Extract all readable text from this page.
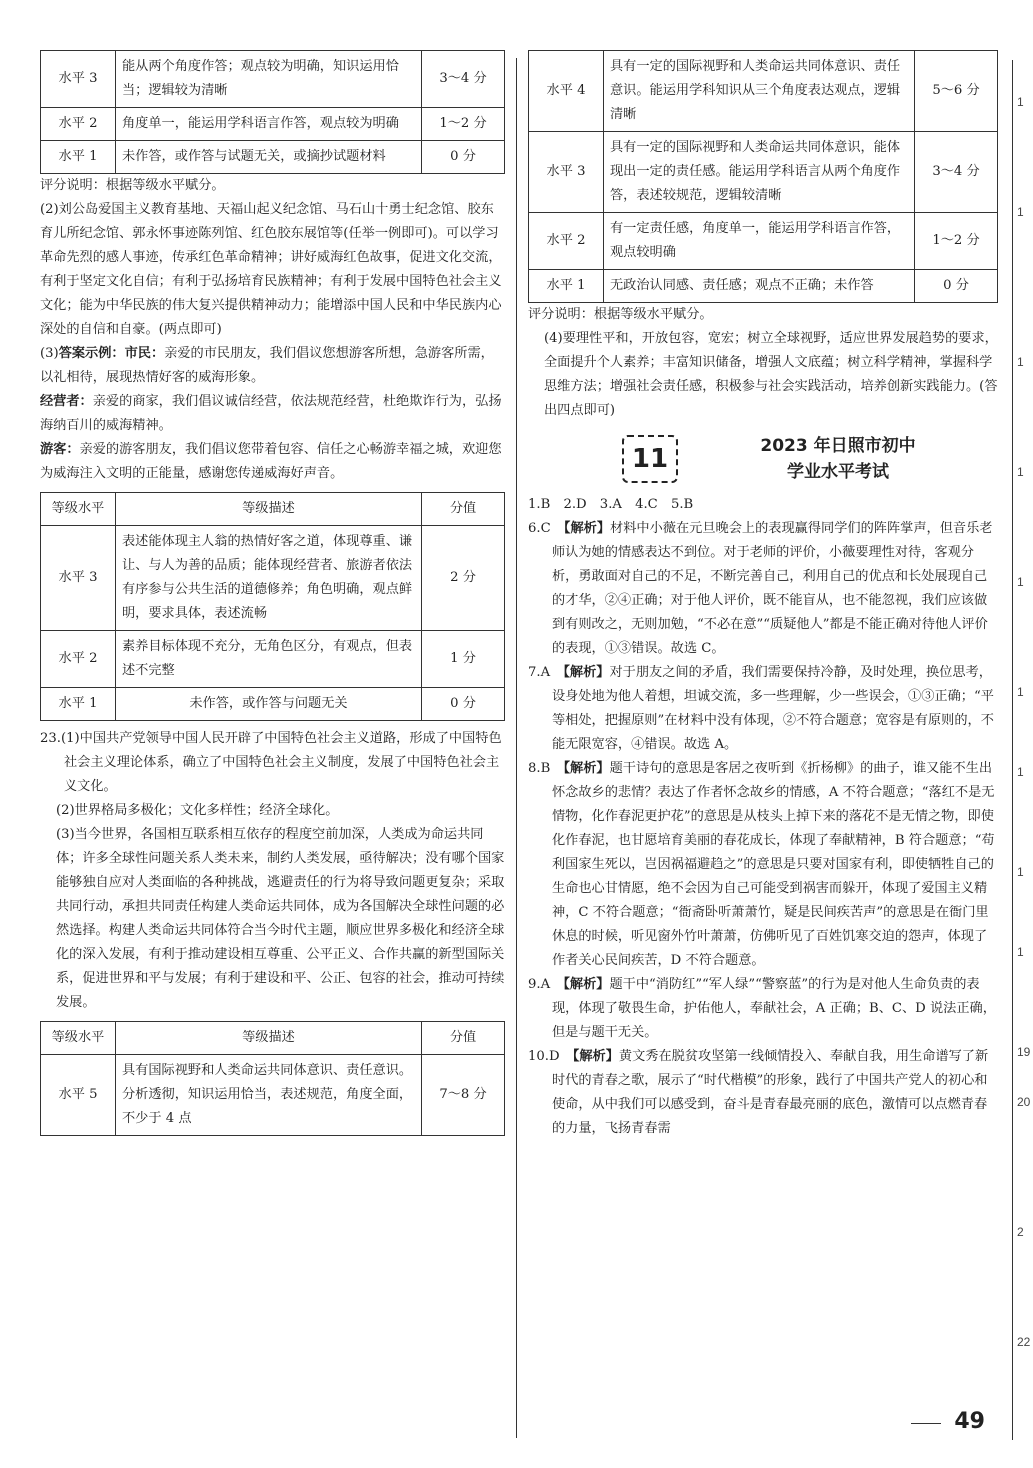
水平 3	能从两个角度作答；观点较为明确，知识运用恰当；逻辑较为清晰	3～4 分
水平 2	角度单一，能运用学科语言作答，观点较为明确	1～2 分
水平 1	未作答，或作答与试题无关，或摘抄试题材料	0 分

评分说明：根据等级水平赋分。

(2)刘公岛爱国主义教育基地、天福山起义纪念馆、马石山十勇士纪念馆、胶东育儿所纪念馆、郭永怀事迹陈列馆、红色胶东展馆等(任举一例即可)。可以学习革命先烈的感人事迹，传承红色革命精神；讲好威海红色故事，促进文化交流，有利于坚定文化自信；有利于弘扬培育民族精神；有利于发展中国特色社会主义文化；能为中华民族的伟大复兴提供精神动力；能增添中国人民和中华民族内心深处的自信和自豪。(两点即可)

(3)答案示例：市民：亲爱的市民朋友，我们倡议您想游客所想，急游客所需，以礼相待，展现热情好客的威海形象。

经营者：亲爱的商家，我们倡议诚信经营，依法规范经营，杜绝欺诈行为，弘扬海纳百川的威海精神。

游客：亲爱的游客朋友，我们倡议您带着包容、信任之心畅游幸福之城，欢迎您为威海注入文明的正能量，感谢您传递威海好声音。

等级水平	等级描述	分值
水平 3	表述能体现主人翁的热情好客之道，体现尊重、谦让、与人为善的品质；能体现经营者、旅游者依法有序参与公共生活的道德修养；角色明确，观点鲜明，要求具体，表述流畅	2 分
水平 2	素养目标体现不充分，无角色区分，有观点，但表述不完整	1 分
水平 1	未作答，或作答与问题无关	0 分

23.(1)中国共产党领导中国人民开辟了中国特色社会主义道路，形成了中国特色社会主义理论体系，确立了中国特色社会主义制度，发展了中国特色社会主义文化。

(2)世界格局多极化；文化多样性；经济全球化。

(3)当今世界，各国相互联系相互依存的程度空前加深，人类成为命运共同体；许多全球性问题关系人类未来，制约人类发展，亟待解决；没有哪个国家能够独自应对人类面临的各种挑战，逃避责任的行为将导致问题更复杂；采取共同行动，承担共同责任构建人类命运共同体，成为各国解决全球性问题的必然选择。构建人类命运共同体符合当今时代主题，顺应世界多极化和经济全球化的深入发展，有利于推动建设相互尊重、公平正义、合作共赢的新型国际关系，促进世界和平与发展；有利于建设和平、公正、包容的社会，推动可持续发展。

等级水平	等级描述	分值
水平 5	具有国际视野和人类命运共同体意识、责任意识。分析透彻，知识运用恰当，表述规范，角度全面，不少于 4 点	7～8 分
水平 4	具有一定的国际视野和人类命运共同体意识、责任意识。能运用学科知识从三个角度表达观点，逻辑清晰	5～6 分
水平 3	具有一定的国际视野和人类命运共同体意识，能体现出一定的责任感。能运用学科语言从两个角度作答，表述较规范，逻辑较清晰	3～4 分
水平 2	有一定责任感，角度单一，能运用学科语言作答，观点较明确	1～2 分
水平 1	无政治认同感、责任感；观点不正确；未作答	0 分

评分说明：根据等级水平赋分。

(4)要理性平和，开放包容，宽宏；树立全球视野，适应世界发展趋势的要求，全面提升个人素养；丰富知识储备，增强人文底蕴；树立科学精神，掌握科学思维方法；增强社会责任感，积极参与社会实践活动，培养创新实践能力。(答出四点即可)

11	2023 年日照市初中
学业水平考试

1.B　2.D　3.A　4.C　5.B

6.C　 【解析】材料中小薇在元旦晚会上的表现赢得同学们的阵阵掌声，但音乐老师认为她的情感表达不到位。对于老师的评价，小薇要理性对待，客观分析，勇敢面对自己的不足，不断完善自己，利用自己的优点和长处展现自己的才华，②④正确；对于他人评价，既不能盲从，也不能忽视，我们应该做到有则改之，无则加勉，“不必在意”“质疑他人”都是不能正确对待他人评价的表现，①③错误。故选 C。

7.A　 【解析】对于朋友之间的矛盾，我们需要保持冷静，及时处理，换位思考，设身处地为他人着想，坦诚交流，多一些理解，少一些误会，①③正确；“平等相处，把握原则”在材料中没有体现，②不符合题意；宽容是有原则的，不能无限宽容，④错误。故选 A。

8.B　 【解析】题干诗句的意思是客居之夜听到《折杨柳》的曲子，谁又能不生出怀念故乡的悲情？表达了作者怀念故乡的情感，A 不符合题意；“落红不是无情物，化作春泥更护花”的意思是从枝头上掉下来的落花不是无情之物，即使化作春泥，也甘愿培育美丽的春花成长，体现了奉献精神，B 符合题意；“苟利国家生死以，岂因祸福避趋之”的意思是只要对国家有利，即使牺牲自己的生命也心甘情愿，绝不会因为自己可能受到祸害而躲开，体现了爱国主义精神，C 不符合题意；“衙斋卧听萧萧竹，疑是民间疾苦声”的意思是在衙门里休息的时候，听见窗外竹叶萧萧，仿佛听见了百姓饥寒交迫的怨声，体现了作者关心民间疾苦，D 不符合题意。

9.A　 【解析】题干中“消防红”“军人绿”“警察蓝”的行为是对他人生命负责的表现，体现了敬畏生命，护佑他人，奉献社会，A 正确；B、C、D 说法正确，但是与题干无关。

10.D　 【解析】黄文秀在脱贫攻坚第一线倾情投入、奉献自我，用生命谱写了新时代的青春之歌，展示了“时代楷模”的形象，践行了中国共产党人的初心和使命，从中我们可以感受到，奋斗是青春最亮丽的底色，激情可以点燃青春的力量，飞扬青春需

1
1
1
1
1
1
1
1
1
19
20
2
22
49
